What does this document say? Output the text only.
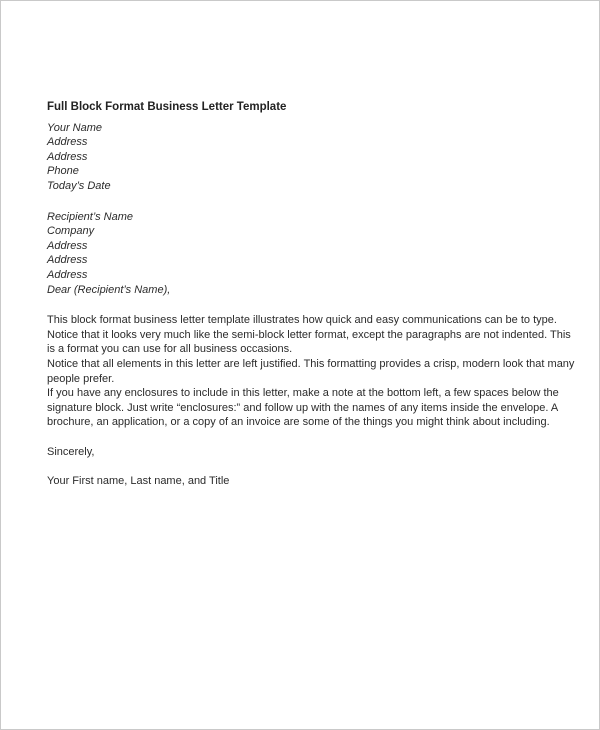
Full Block Format Business Letter Template
Your Name
Address
Address
Phone
Today’s Date
Recipient’s Name
Company
Address
Address
Address
Dear (Recipient’s Name),
This block format business letter template illustrates how quick and easy communications can be to type.
Notice that it looks very much like the semi-block letter format, except the paragraphs are not indented. This
is a format you can use for all business occasions.
Notice that all elements in this letter are left justified. This formatting provides a crisp, modern look that many
people prefer.
If you have any enclosures to include in this letter, make a note at the bottom left, a few spaces below the
signature block. Just write “enclosures:” and follow up with the names of any items inside the envelope. A
brochure, an application, or a copy of an invoice are some of the things you might think about including.
Sincerely,
Your First name, Last name, and Title
